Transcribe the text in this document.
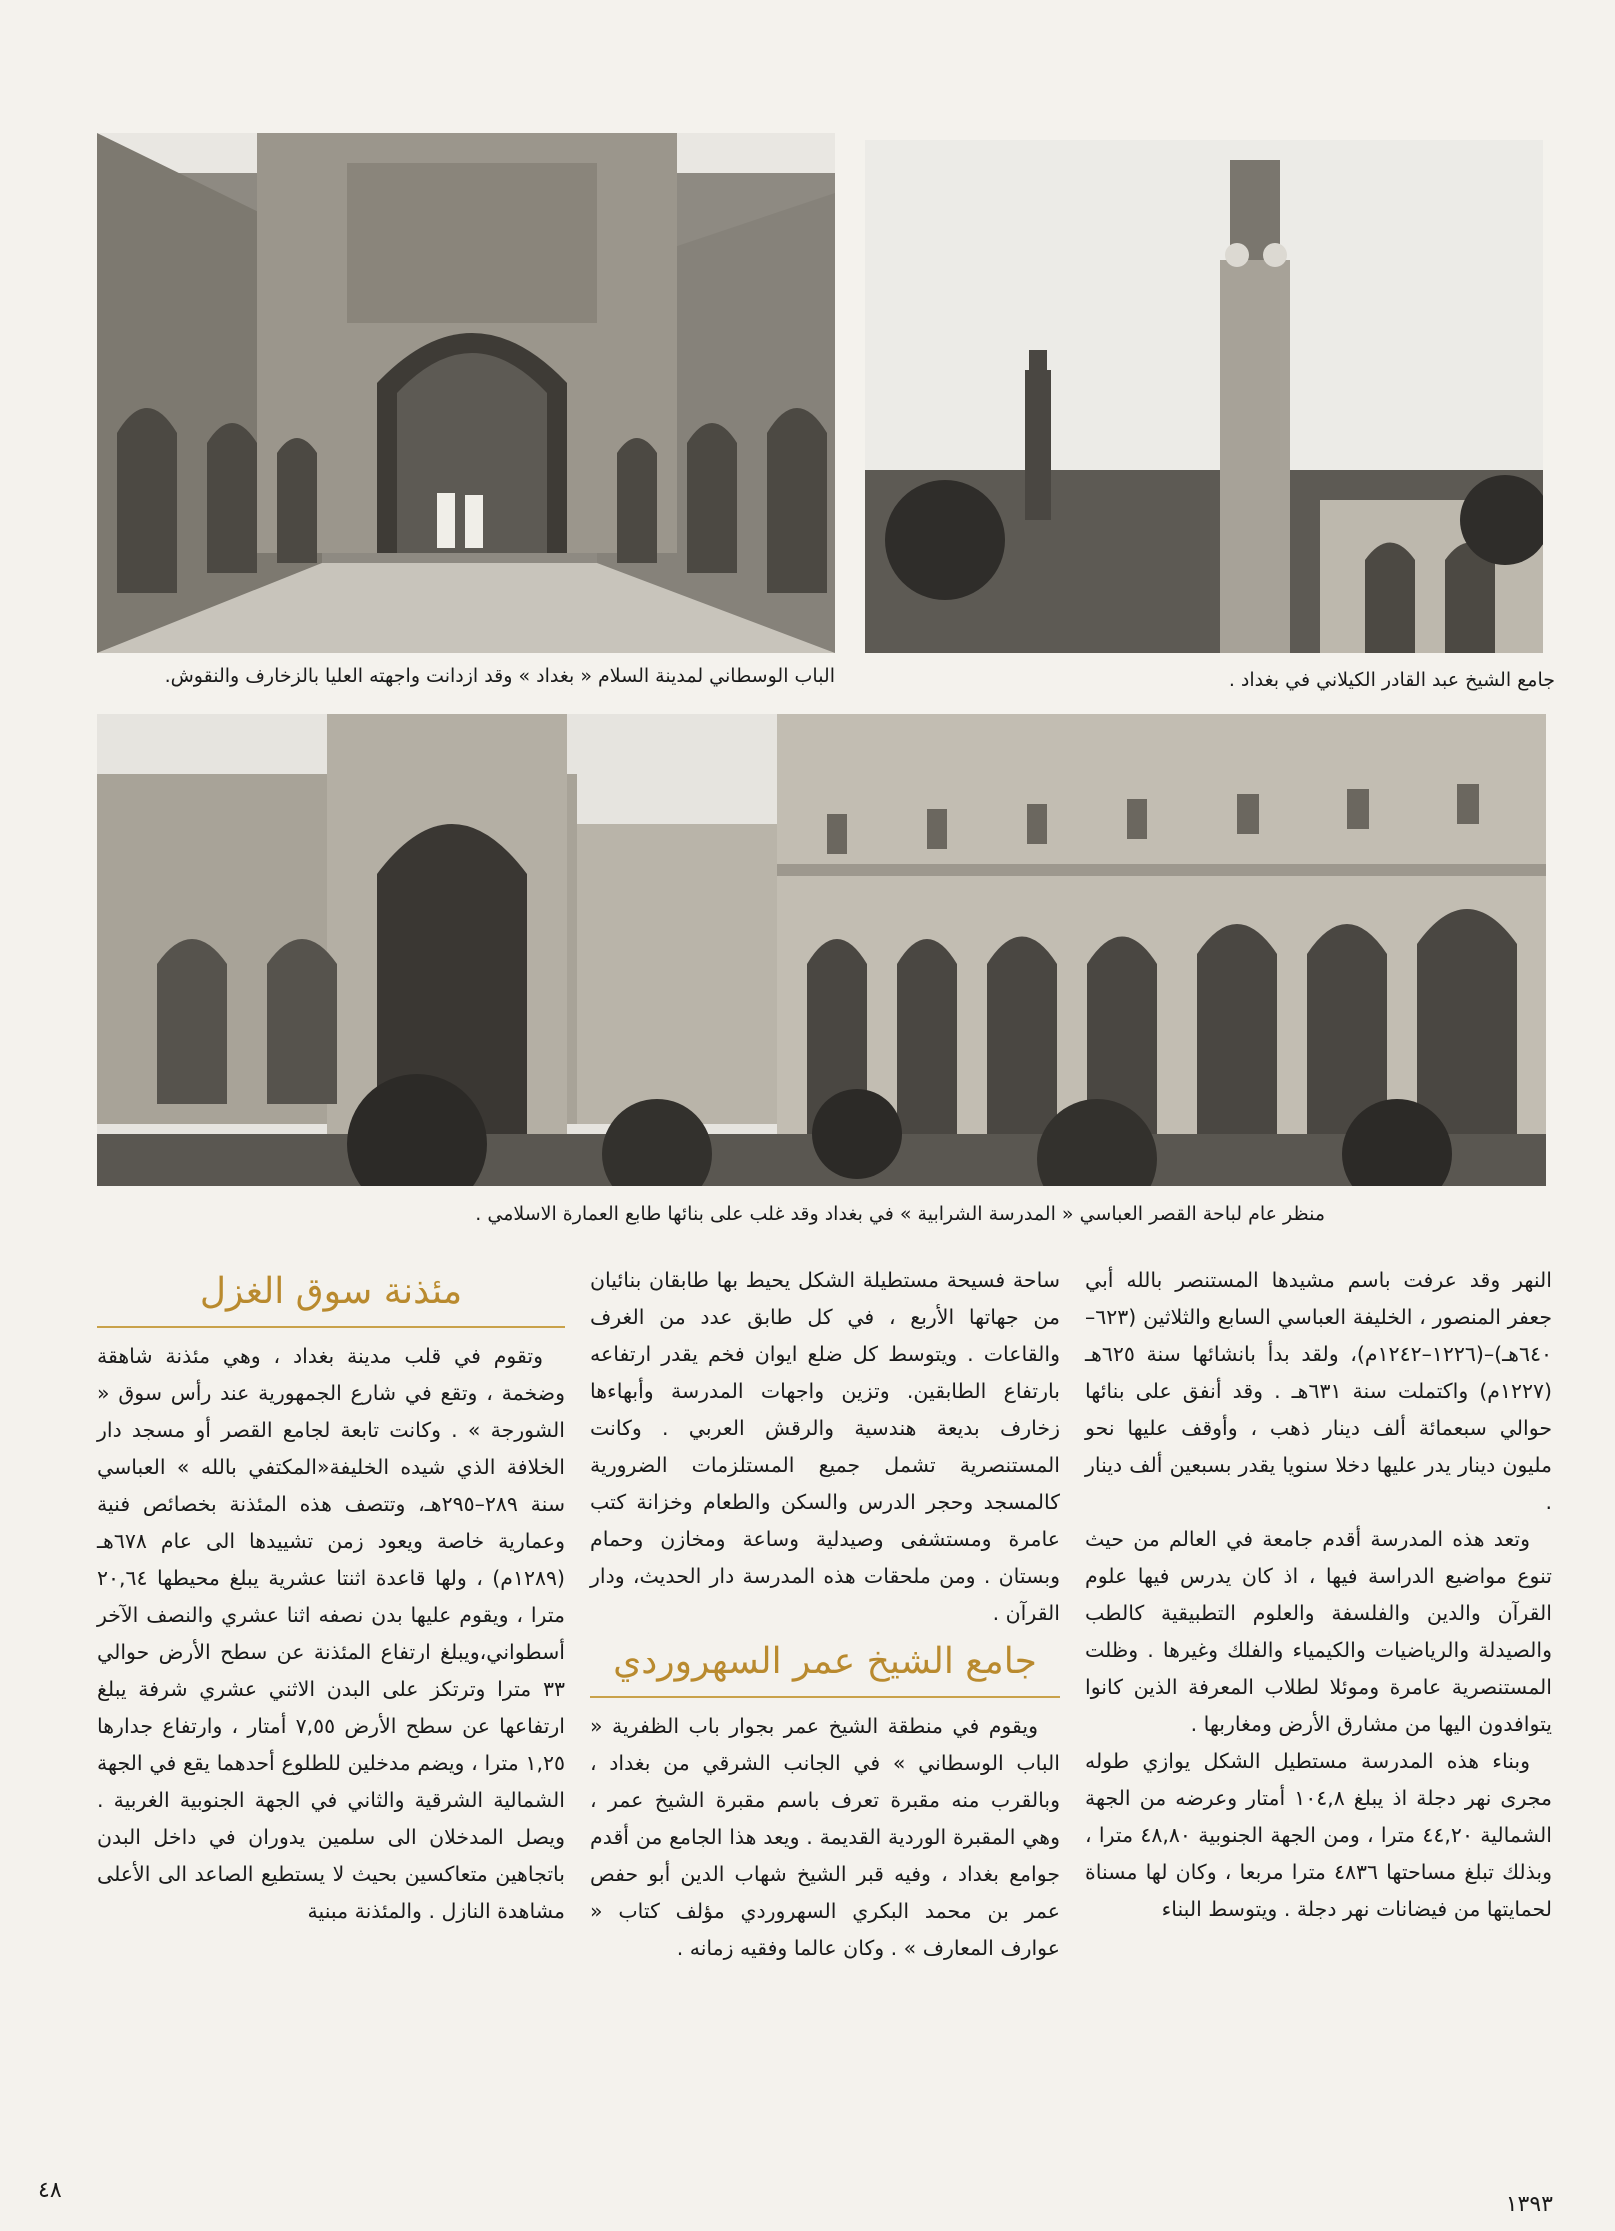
الباب الوسطاني لمدينة السلام « بغداد » وقد ازدانت واجهته العليا بالزخارف والنقوش.	جامع الشيخ عبد القادر الكيلاني في بغداد .
منظر عام لباحة القصر العباسي « المدرسة الشرابية » في بغداد وقد غلب على بنائها طابع العمارة الاسلامي .

النهر وقد عرفت باسم مشيدها المستنصر بالله أبي جعفر المنصور ، الخليفة العباسي السابع والثلاثين (٦٢٣– ٦٤٠هـ)–(١٢٢٦–١٢٤٢م)، ولقد بدأ بانشائها سنة ٦٢٥هـ (١٢٢٧م) واكتملت سنة ٦٣١هـ . وقد أنفق على بنائها حوالي سبعمائة ألف دينار ذهب ، وأوقف عليها نحو مليون دينار يدر عليها دخلا سنويا يقدر بسبعين ألف دينار .

وتعد هذه المدرسة أقدم جامعة في العالم من حيث تنوع مواضيع الدراسة فيها ، اذ كان يدرس فيها علوم القرآن والدين والفلسفة والعلوم التطبيقية كالطب والصيدلة والرياضيات والكيمياء والفلك وغيرها . وظلت المستنصرية عامرة وموئلا لطلاب المعرفة الذين كانوا يتوافدون اليها من مشارق الأرض ومغاربها .

وبناء هذه المدرسة مستطيل الشكل يوازي طوله مجرى نهر دجلة اذ يبلغ ١٠٤,٨ أمتار وعرضه من الجهة الشمالية ٤٤,٢٠ مترا ، ومن الجهة الجنوبية ٤٨,٨٠ مترا ، وبذلك تبلغ مساحتها ٤٨٣٦ مترا مربعا ، وكان لها مسناة لحمايتها من فيضانات نهر دجلة . ويتوسط البناء

ساحة فسيحة مستطيلة الشكل يحيط بها طابقان بنائيان من جهاتها الأربع ، في كل طابق عدد من الغرف والقاعات . ويتوسط كل ضلع ايوان فخم يقدر ارتفاعه بارتفاع الطابقين. وتزين واجهات المدرسة وأبهاءها زخارف بديعة هندسية والرقش العربي . وكانت المستنصرية تشمل جميع المستلزمات الضرورية كالمسجد وحجر الدرس والسكن والطعام وخزانة كتب عامرة ومستشفى وصيدلية وساعة ومخازن وحمام وبستان . ومن ملحقات هذه المدرسة دار الحديث، ودار القرآن .

جامع الشيخ عمر السهروردي

ويقوم في منطقة الشيخ عمر بجوار باب الظفرية « الباب الوسطاني » في الجانب الشرقي من بغداد ، وبالقرب منه مقبرة تعرف باسم مقبرة الشيخ عمر ، وهي المقبرة الوردية القديمة . ويعد هذا الجامع من أقدم جوامع بغداد ، وفيه قبر الشيخ شهاب الدين أبو حفص عمر بن محمد البكري السهروردي مؤلف كتاب « عوارف المعارف » . وكان عالما وفقيه زمانه .

مئذنة سوق الغزل

وتقوم في قلب مدينة بغداد ، وهي مئذنة شاهقة وضخمة ، وتقع في شارع الجمهورية عند رأس سوق « الشورجة » . وكانت تابعة لجامع القصر أو مسجد دار الخلافة الذي شيده الخليفة«المكتفي بالله » العباسي سنة ٢٨٩–٢٩٥هـ، وتتصف هذه المئذنة بخصائص فنية وعمارية خاصة ويعود زمن تشييدها الى عام ٦٧٨هـ (١٢٨٩م) ، ولها قاعدة اثنتا عشرية يبلغ محيطها ٢٠,٦٤ مترا ، ويقوم عليها بدن نصفه اثنا عشري والنصف الآخر أسطواني،ويبلغ ارتفاع المئذنة عن سطح الأرض حوالي ٣٣ مترا وترتكز على البدن الاثني عشري شرفة يبلغ ارتفاعها عن سطح الأرض ٧,٥٥ أمتار ، وارتفاع جدارها ١,٢٥ مترا ، ويضم مدخلين للطلوع أحدهما يقع في الجهة الشمالية الشرقية والثاني في الجهة الجنوبية الغربية . ويصل المدخلان الى سلمين يدوران في داخل البدن باتجاهين متعاكسين بحيث لا يستطيع الصاعد الى الأعلى مشاهدة النازل . والمئذنة مبنية

٤٨
١٣٩٣
